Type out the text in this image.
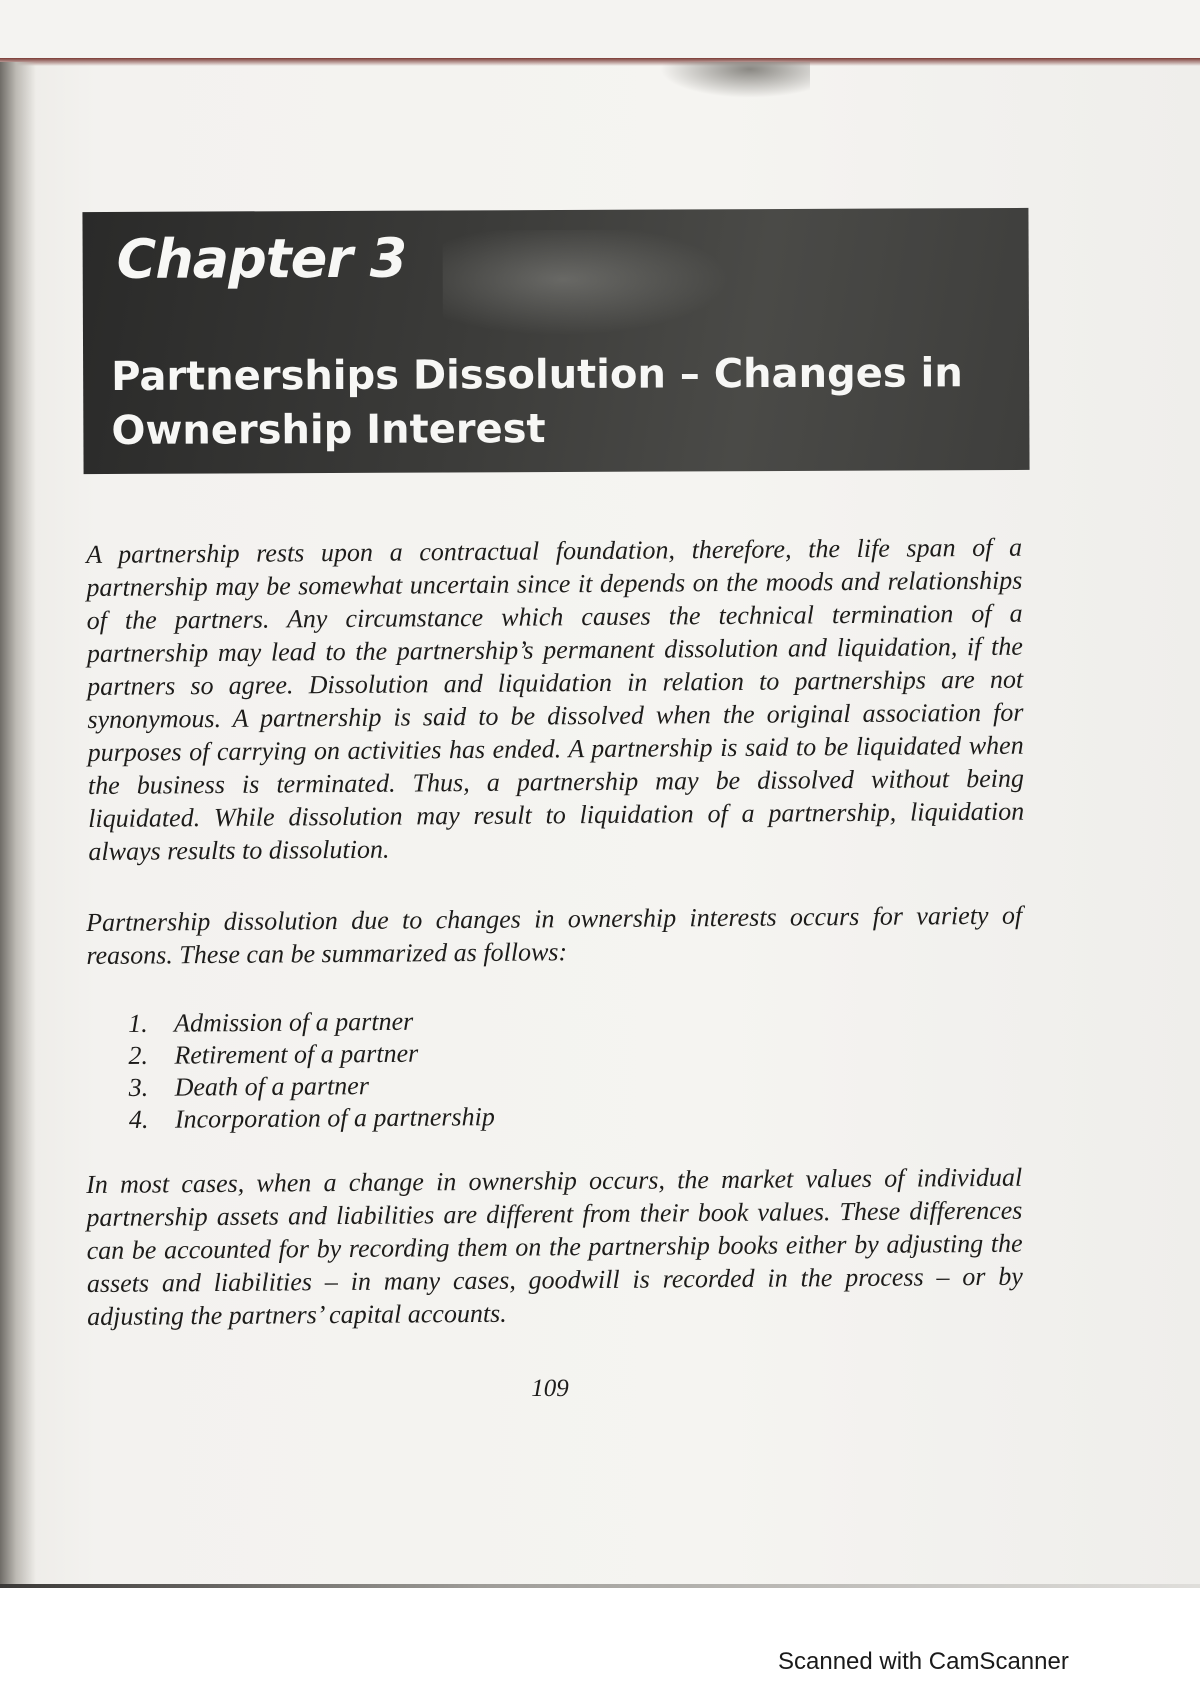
Chapter 3
Partnerships Dissolution – Changes in Ownership Interest

A partnership rests upon a contractual foundation, therefore, the life span of a partnership may be somewhat uncertain since it depends on the moods and relationships of the partners. Any circumstance which causes the technical termination of a partnership may lead to the partnership’s permanent dissolution and liquidation, if the partners so agree. Dissolution and liquidation in relation to partnerships are not synonymous. A partnership is said to be dissolved when the original association for purposes of carrying on activities has ended. A partnership is said to be liquidated when the business is terminated. Thus, a partnership may be dissolved without being liquidated. While dissolution may result to liquidation of a partnership, liquidation always results to dissolution.

Partnership dissolution due to changes in ownership interests occurs for variety of reasons. These can be summarized as follows:

1.	Admission of a partner
2.	Retirement of a partner
3.	Death of a partner
4.	Incorporation of a partnership

In most cases, when a change in ownership occurs, the market values of individual partnership assets and liabilities are different from their book values. These differences can be accounted for by recording them on the partnership books either by adjusting the assets and liabilities – in many cases, goodwill is recorded in the process – or by adjusting the partners’ capital accounts.

109
Scanned with CamScanner
